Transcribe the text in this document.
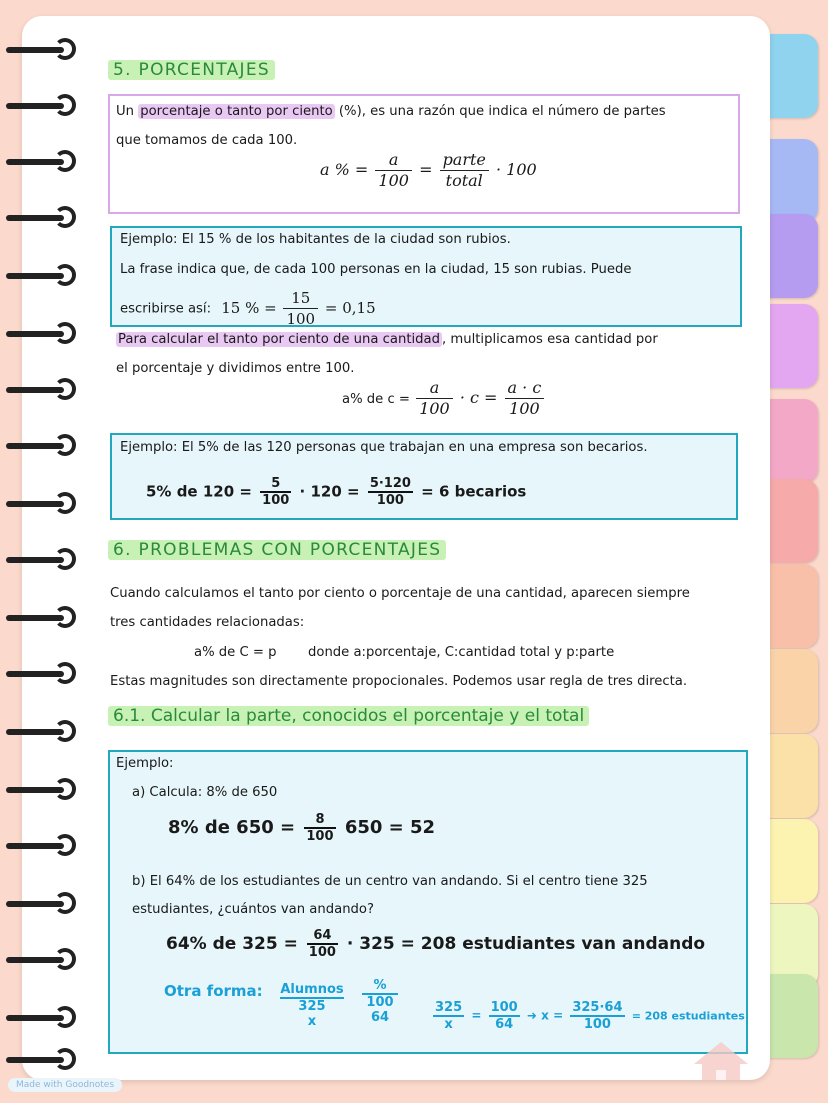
5. PORCENTAJES
Un porcentaje o tanto por ciento (%), es una razón que indica el número de partes
que tomamos de cada 100.
a % = $\frac{a}{100} = \frac{\text{parte}}{\text{total}} \cdot 100$
Ejemplo: El 15 % de los habitantes de la ciudad son rubios.
La frase indica que, de cada 100 personas en la ciudad, 15 son rubias. Puede
escribirse así: 15 % = $\frac{15}{100} = 0,15$
Para calcular el tanto por ciento de una cantidad , multiplicamos esa cantidad por
el porcentaje y dividimos entre 100.
a% de $c = \frac{a}{100} \cdot c = \frac{a \cdot c}{100}$
Ejemplo: El 5% de las 120 personas que trabajan en una empresa son becarios.
5% de $120 = \frac{5}{100} \cdot 120 = \frac{5\cdot 120}{100} = 6$ becarios
6. PROBLEMAS CON PORCENTAJES
Cuando calculamos el tanto por ciento o porcentaje de una cantidad, aparecen siempre
tres cantidades relacionadas:
a% de C = p donde a:porcentaje, C:cantidad total y p:parte
Estas magnitudes son directamente propocionales. Podemos usar regla de tres directa.
6.1. Calcular la parte, conocidos el porcentaje y el total
Ejemplo:
a) Calcula: 8% de 650
8% de $650 = \frac{8}{100} 650 = 52$
b) El 64% de los estudiantes de un centro van andando. Si el centro tiene 325
estudiantes, ¿cuántos van andando?
64% de $325 = \frac{64}{100} \cdot 325 = 208$ estudiantes van andando
Otra forma: Alumnos
325
x
%
100
64	$\frac{325}{x} = \frac{100}{64}$ ➜ $x = \frac{325\cdot 64}{100} = 208$ estudiantes
Made with Goodnotes
